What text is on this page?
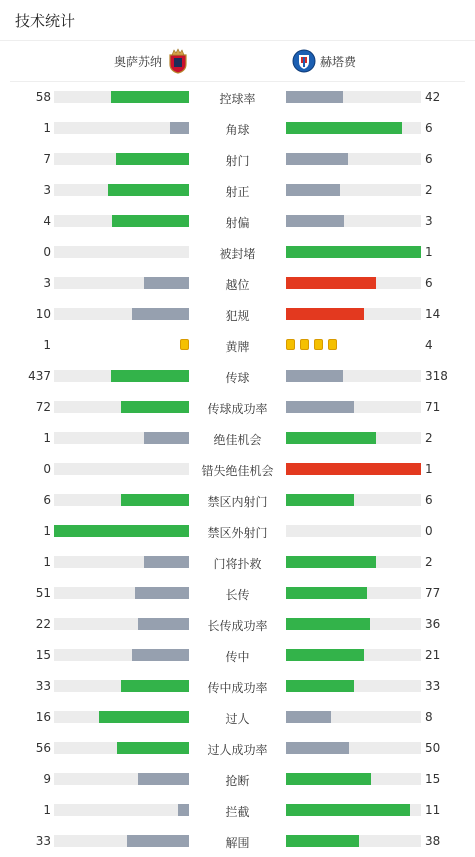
技术统计
奥萨苏纳	赫塔费
58	控球率	42
1	角球	6
7	射门	6
3	射正	2
4	射偏	3
0	被封堵	1
3	越位	6
10	犯规	14
1	黄牌	4
437	传球	318
72	传球成功率	71
1	绝佳机会	2
0	错失绝佳机会	1
6	禁区内射门	6
1	禁区外射门	0
1	门将扑救	2
51	长传	77
22	长传成功率	36
15	传中	21
33	传中成功率	33
16	过人	8
56	过人成功率	50
9	抢断	15
1	拦截	11
33	解围	38
